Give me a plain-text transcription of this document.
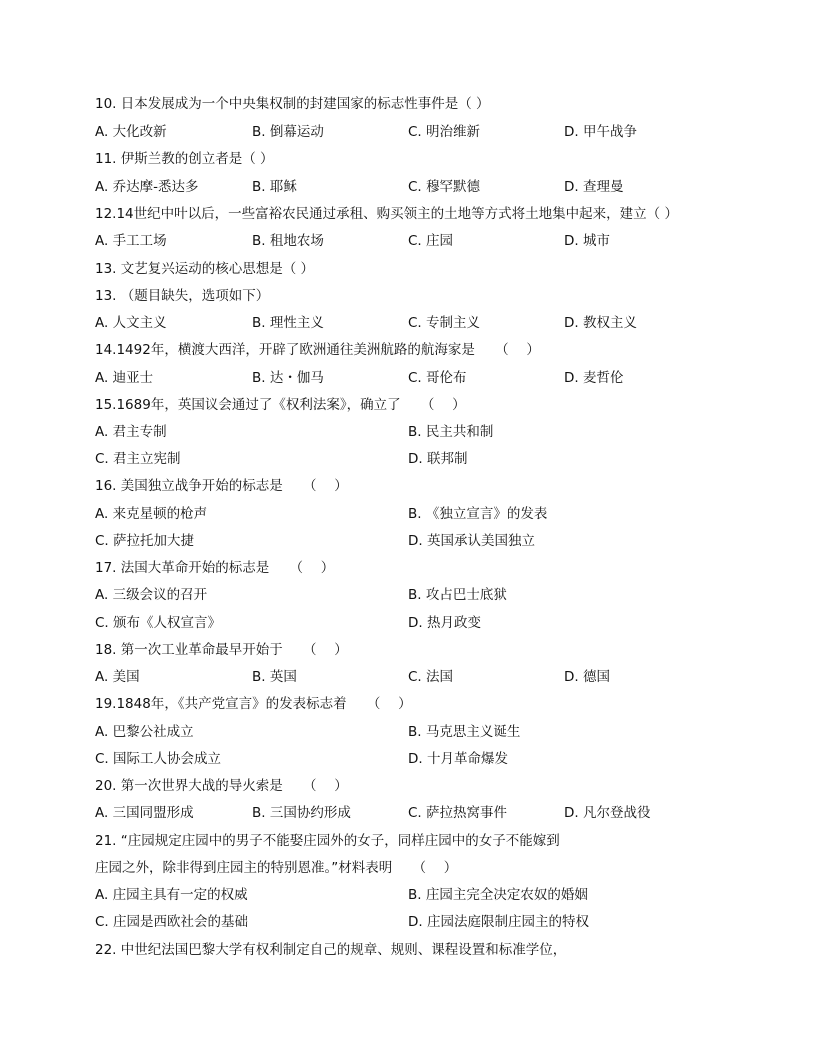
10. 日本发展成为一个中央集权制的封建国家的标志性事件是（ ）
A. 大化改新	B. 倒幕运动	C. 明治维新	D. 甲午战争
11. 伊斯兰教的创立者是（ ）
A. 乔达摩-悉达多	B. 耶稣	C. 穆罕默德	D. 查理曼
12.14世纪中叶以后，一些富裕农民通过承租、购买领主的土地等方式将土地集中起来，建立（ ）
A. 手工工场	B. 租地农场	C. 庄园	D. 城市
13. 文艺复兴运动的核心思想是（ ）
13. （题目缺失，选项如下）
A. 人文主义	B. 理性主义	C. 专制主义	D. 教权主义
14.1492年，横渡大西洋，开辟了欧洲通往美洲航路的航海家是　　（　 ）
A. 迪亚士	B. 达・伽马	C. 哥伦布	D. 麦哲伦
15.1689年，英国议会通过了《权利法案》，确立了　　（　 ）
A. 君主专制	B. 民主共和制
C. 君主立宪制	D. 联邦制
16. 美国独立战争开始的标志是　　（　 ）
A. 来克星顿的枪声	B. 《独立宣言》的发表
C. 萨拉托加大捷	D. 英国承认美国独立
17. 法国大革命开始的标志是　　（　 ）
A. 三级会议的召开	B. 攻占巴士底狱
C. 颁布《人权宣言》	D. 热月政变
18. 第一次工业革命最早开始于　　（　 ）
A. 美国	B. 英国	C. 法国	D. 德国
19.1848年，《共产党宣言》的发表标志着　　（　 ）
A. 巴黎公社成立	B. 马克思主义诞生
C. 国际工人协会成立	D. 十月革命爆发
20. 第一次世界大战的导火索是　　（　 ）
A. 三国同盟形成	B. 三国协约形成	C. 萨拉热窝事件	D. 凡尔登战役
21. “庄园规定庄园中的男子不能娶庄园外的女子，同样庄园中的女子不能嫁到
庄园之外，除非得到庄园主的特别恩准。”材料表明　　（　 ）
A. 庄园主具有一定的权威	B. 庄园主完全决定农奴的婚姻
C. 庄园是西欧社会的基础	D. 庄园法庭限制庄园主的特权
22. 中世纪法国巴黎大学有权利制定自己的规章、规则、课程设置和标准学位，
